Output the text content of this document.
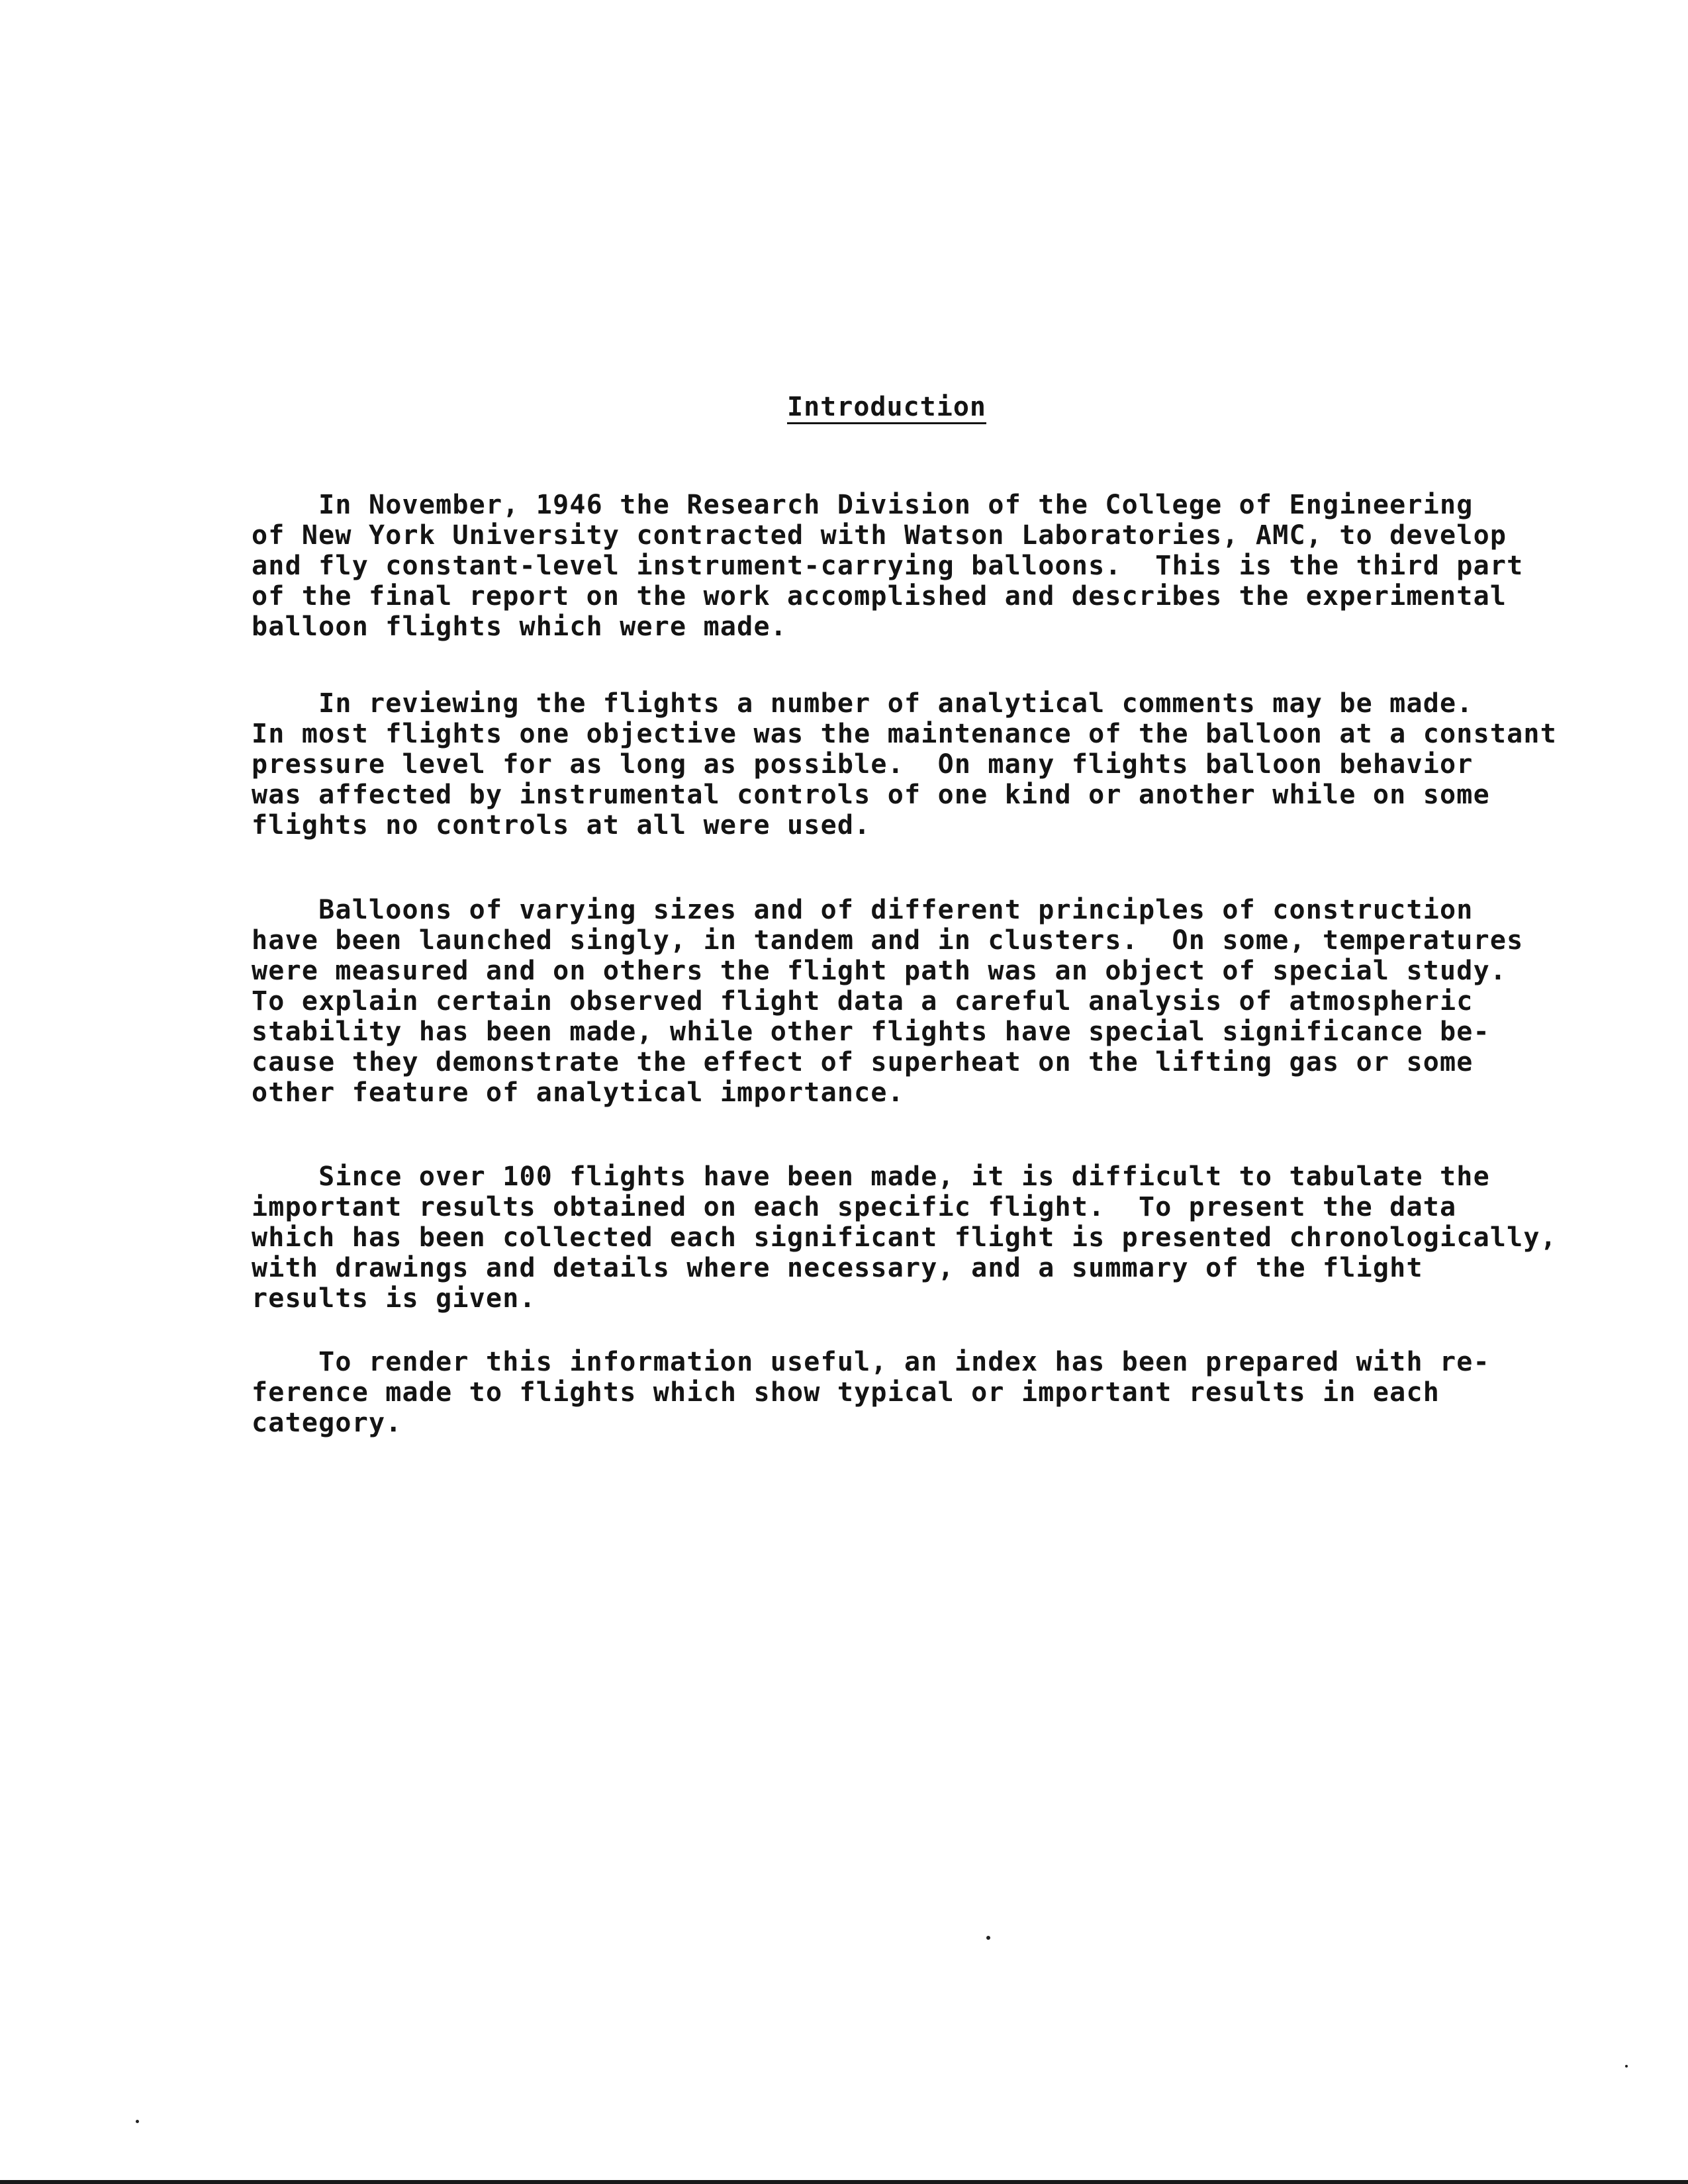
Introduction
In November, 1946 the Research Division of the College of Engineering
of New York University contracted with Watson Laboratories, AMC, to develop
and fly constant-level instrument-carrying balloons.  This is the third part
of the final report on the work accomplished and describes the experimental
balloon flights which were made.
In reviewing the flights a number of analytical comments may be made.
In most flights one objective was the maintenance of the balloon at a constant
pressure level for as long as possible.  On many flights balloon behavior
was affected by instrumental controls of one kind or another while on some
flights no controls at all were used.
Balloons of varying sizes and of different principles of construction
have been launched singly, in tandem and in clusters.  On some, temperatures
were measured and on others the flight path was an object of special study.
To explain certain observed flight data a careful analysis of atmospheric
stability has been made, while other flights have special significance be-
cause they demonstrate the effect of superheat on the lifting gas or some
other feature of analytical importance.
Since over 100 flights have been made, it is difficult to tabulate the
important results obtained on each specific flight.  To present the data
which has been collected each significant flight is presented chronologically,
with drawings and details where necessary, and a summary of the flight
results is given.
To render this information useful, an index has been prepared with re-
ference made to flights which show typical or important results in each
category.
